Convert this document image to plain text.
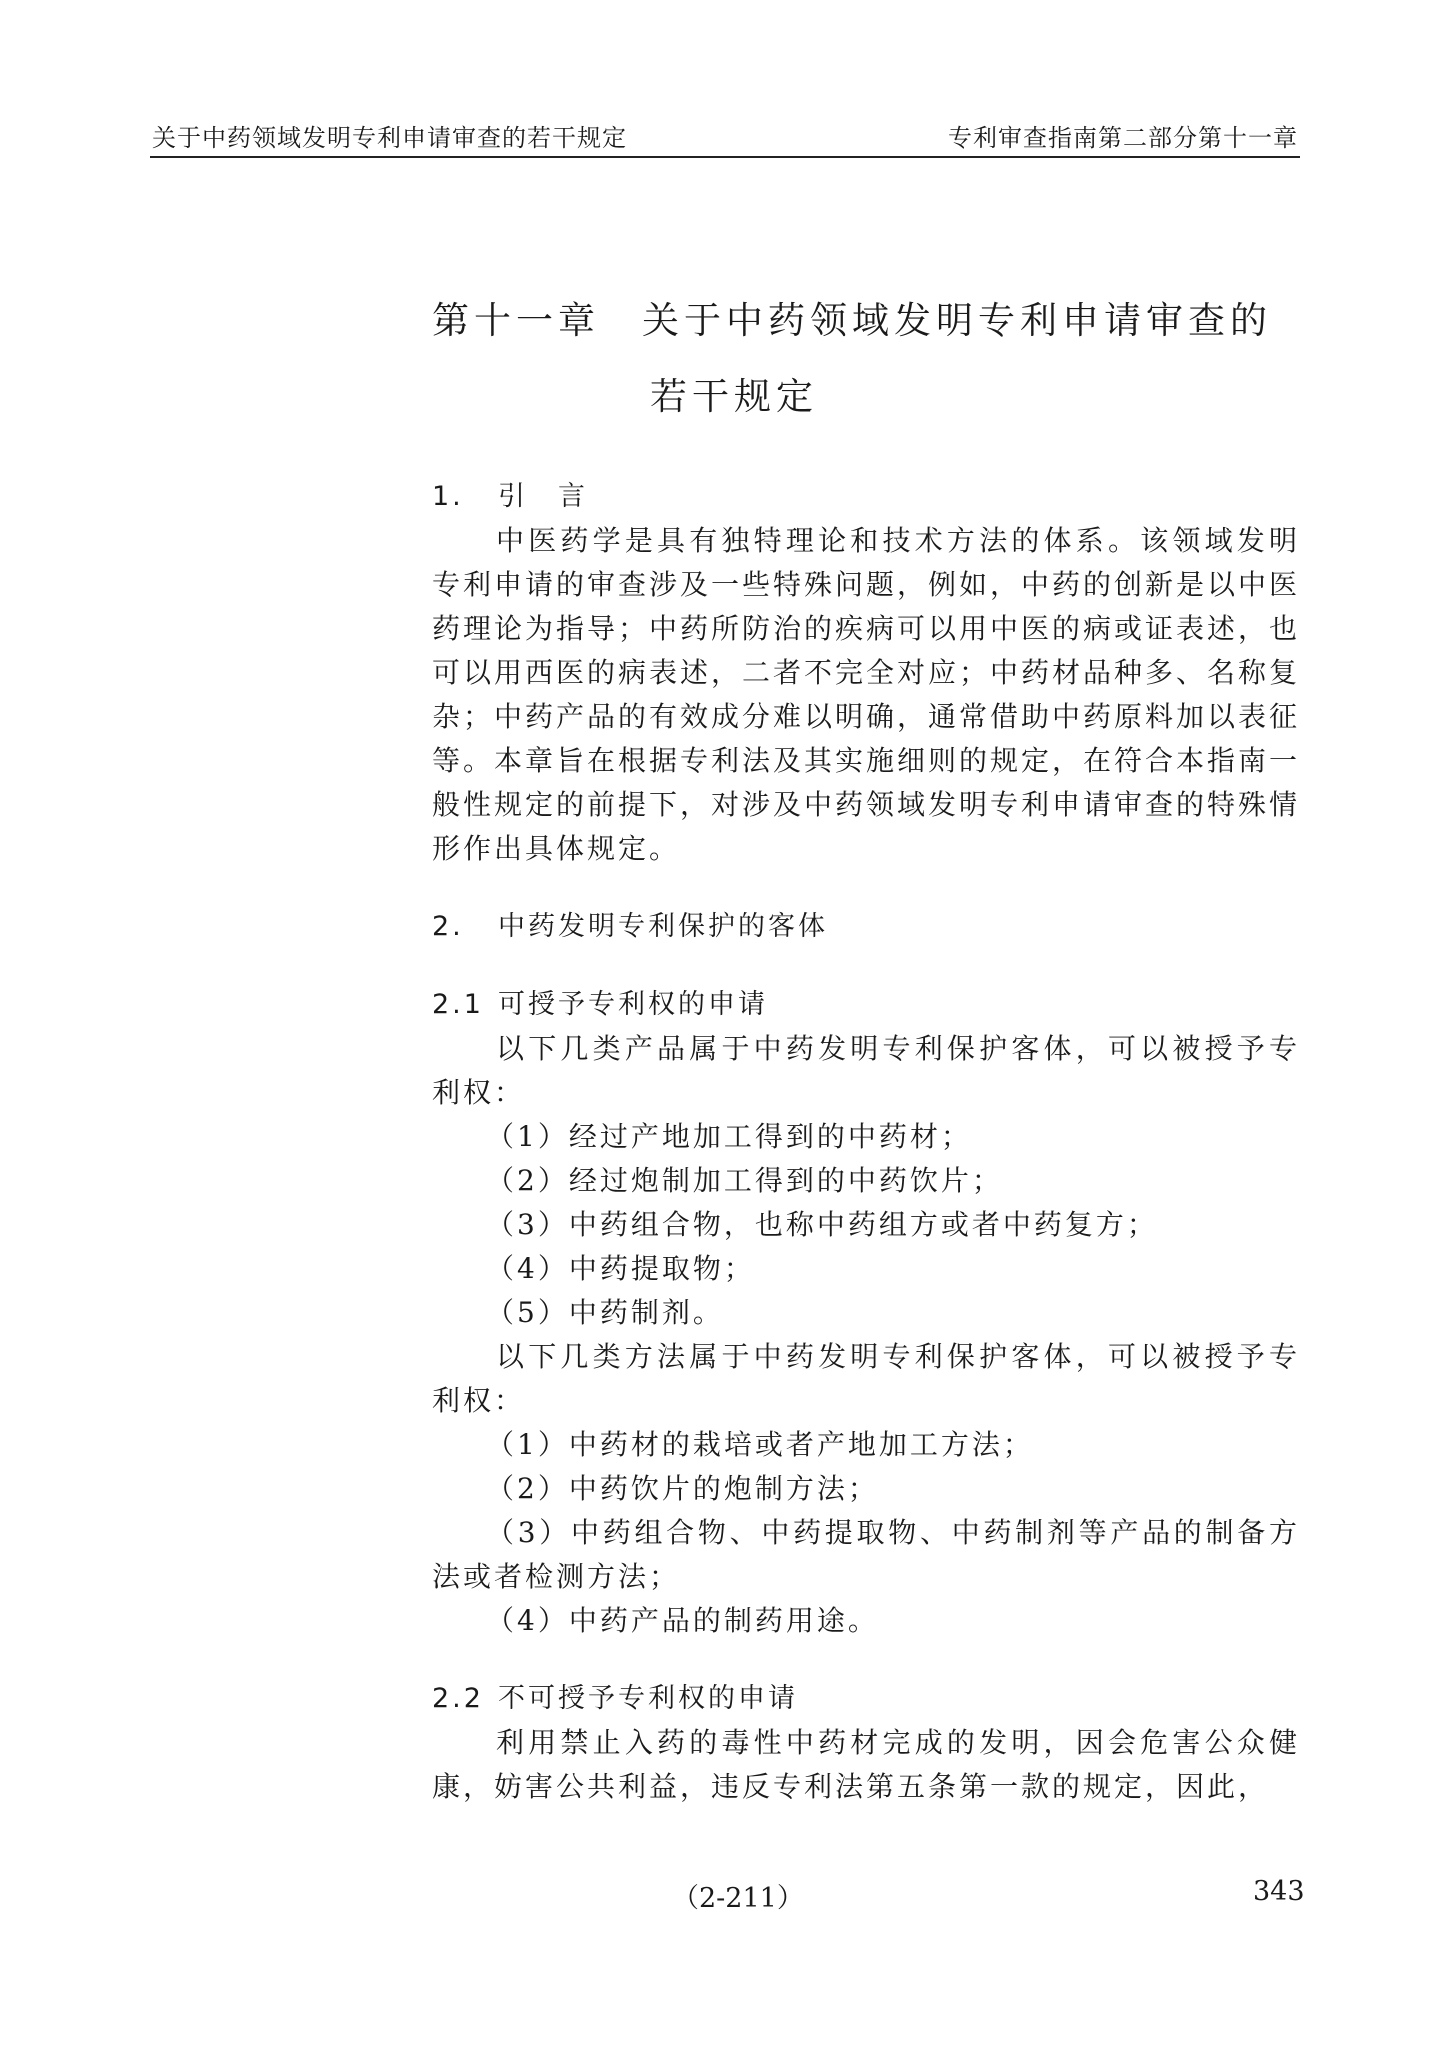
关于中药领域发明专利申请审查的若干规定	专利审查指南第二部分第十一章
第十一章 关于中药领域发明专利申请审查的
若干规定

1. 引　言

中医药学是具有独特理论和技术方法的体系。该领域发明专利申请的审查涉及一些特殊问题，例如，中药的创新是以中医药理论为指导；中药所防治的疾病可以用中医的病或证表述，也可以用西医的病表述，二者不完全对应；中药材品种多、名称复杂；中药产品的有效成分难以明确，通常借助中药原料加以表征等。本章旨在根据专利法及其实施细则的规定，在符合本指南一般性规定的前提下，对涉及中药领域发明专利申请审查的特殊情形作出具体规定。

2. 中药发明专利保护的客体

2.1 可授予专利权的申请

以下几类产品属于中药发明专利保护客体，可以被授予专利权：

（1）经过产地加工得到的中药材；

（2）经过炮制加工得到的中药饮片；

（3）中药组合物，也称中药组方或者中药复方；

（4）中药提取物；

（5）中药制剂。

以下几类方法属于中药发明专利保护客体，可以被授予专利权：

（1）中药材的栽培或者产地加工方法；

（2）中药饮片的炮制方法；

（3）中药组合物、中药提取物、中药制剂等产品的制备方法或者检测方法；

（4）中药产品的制药用途。

2.2 不可授予专利权的申请

利用禁止入药的毒性中药材完成的发明，因会危害公众健康，妨害公共利益，违反专利法第五条第一款的规定，因此，

（2-211）	343
